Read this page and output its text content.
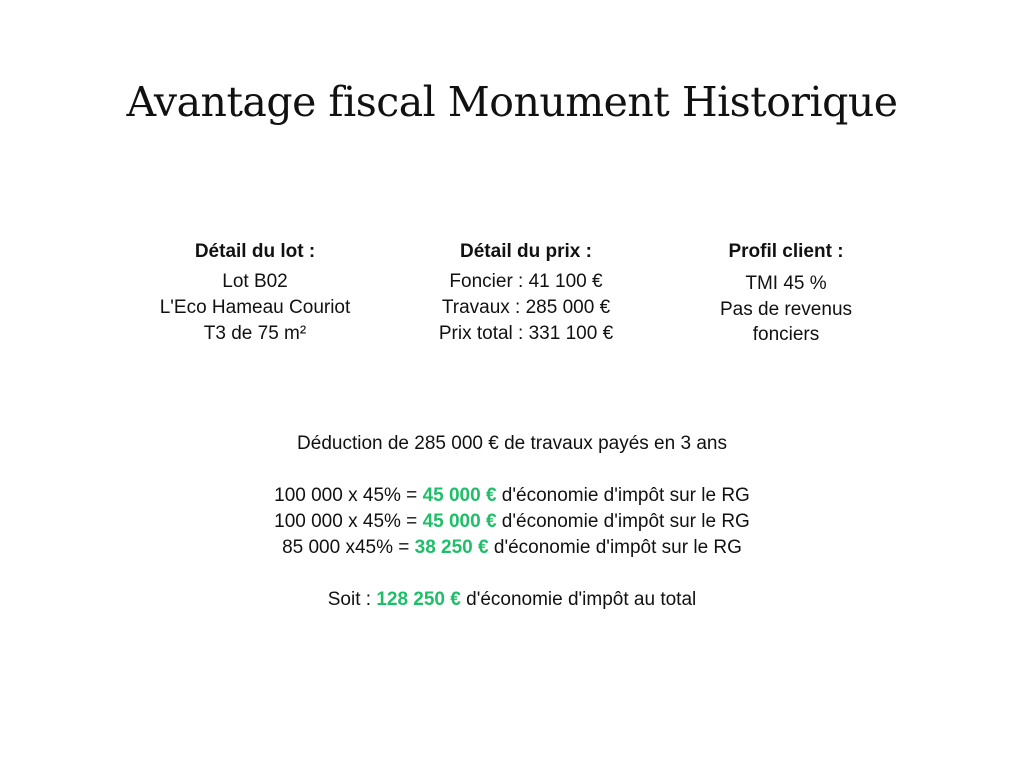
Avantage fiscal Monument Historique
Détail du lot :
Lot B02
L'Eco Hameau Couriot
T3 de 75 m²
Détail du prix :
Foncier : 41 100 €
Travaux : 285 000 €
Prix total : 331 100 €
Profil client :
TMI 45 %
Pas de revenus
fonciers
Déduction de 285 000 € de travaux payés en 3 ans
100 000 x 45% = 45 000 € d'économie d'impôt sur le RG
100 000 x 45% = 45 000 € d'économie d'impôt sur le RG
85 000 x45% = 38 250 € d'économie d'impôt sur le RG
Soit : 128 250 € d'économie d'impôt au total
